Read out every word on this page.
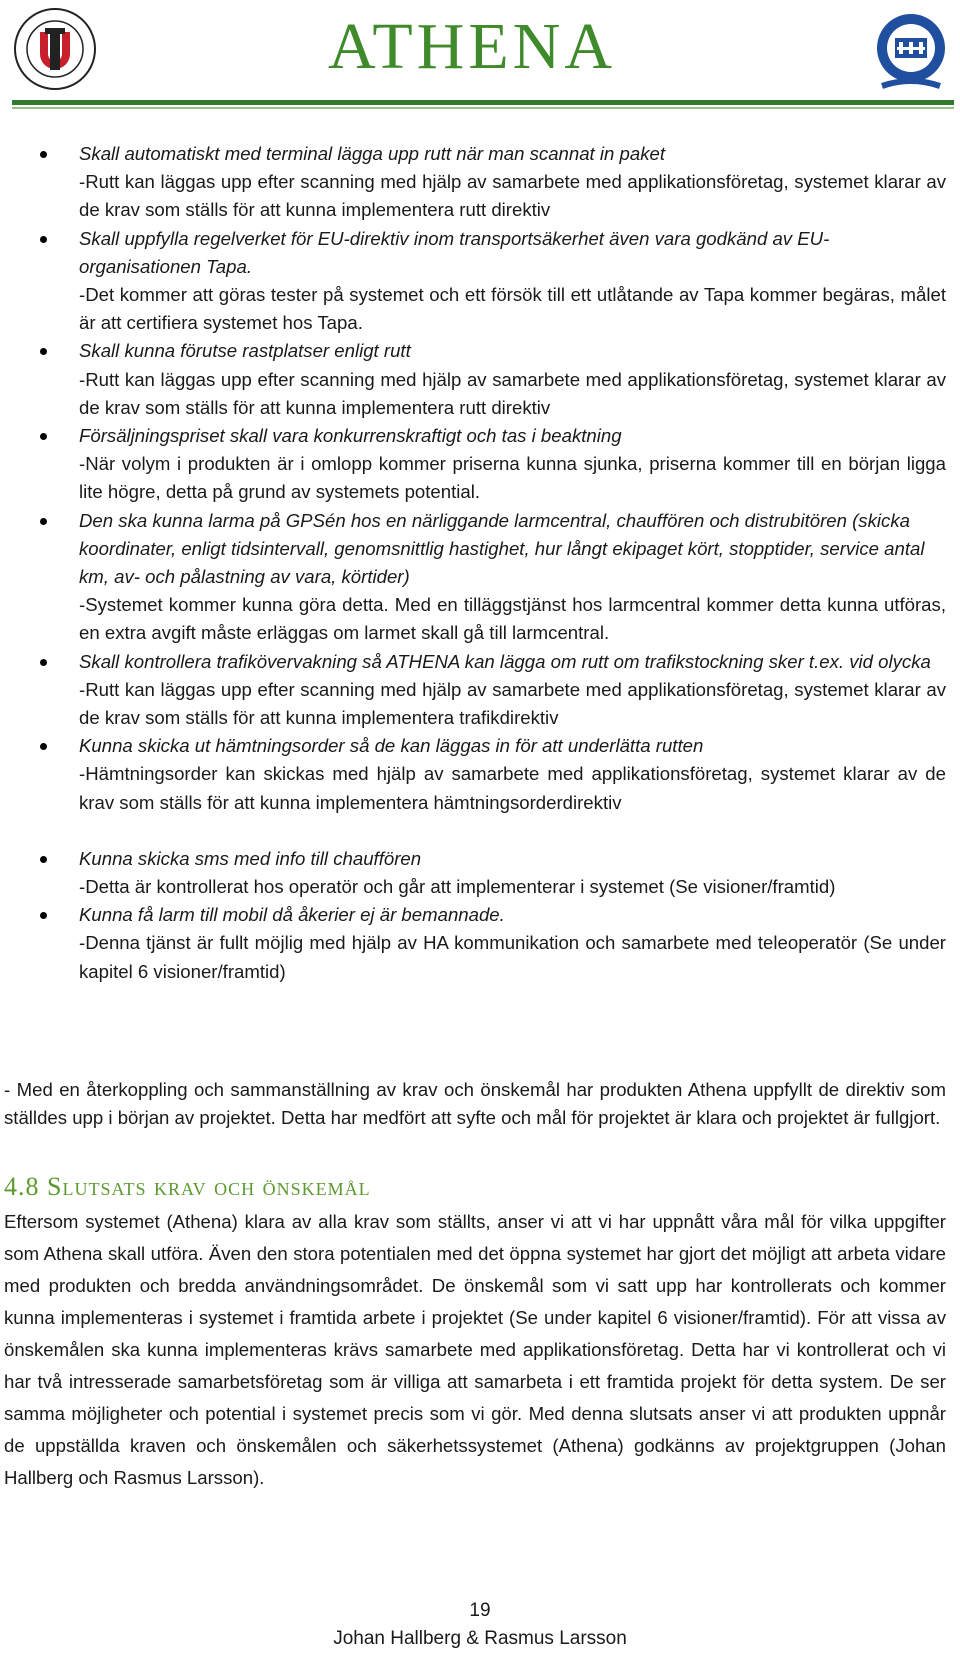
ATHENA
Skall automatiskt med terminal lägga upp rutt när man scannat in paket
-Rutt kan läggas upp efter scanning med hjälp av samarbete med applikationsföretag, systemet klarar av de krav som ställs för att kunna implementera rutt direktiv
Skall uppfylla regelverket för EU-direktiv inom transportsäkerhet även vara godkänd av EU-organisationen Tapa.
-Det kommer att göras tester på systemet och ett försök till ett utlåtande av Tapa kommer begäras, målet är att certifiera systemet hos Tapa.
Skall kunna förutse rastplatser enligt rutt
-Rutt kan läggas upp efter scanning med hjälp av samarbete med applikationsföretag, systemet klarar av de krav som ställs för att kunna implementera rutt direktiv
Försäljningspriset skall vara konkurrenskraftigt och tas i beaktning
-När volym i produkten är i omlopp kommer priserna kunna sjunka, priserna kommer till en början ligga lite högre, detta på grund av systemets potential.
Den ska kunna larma på GPSén hos en närliggande larmcentral, chauffören och distrubitören (skicka koordinater, enligt tidsintervall, genomsnittlig hastighet, hur långt ekipaget kört, stopptider, service antal km, av- och pålastning av vara, körtider)
-Systemet kommer kunna göra detta. Med en tilläggstjänst hos larmcentral kommer detta kunna utföras, en extra avgift måste erläggas om larmet skall gå till larmcentral.
Skall kontrollera trafikövervakning så ATHENA kan lägga om rutt om trafikstockning sker t.ex. vid olycka
-Rutt kan läggas upp efter scanning med hjälp av samarbete med applikationsföretag, systemet klarar av de krav som ställs för att kunna implementera trafikdirektiv
Kunna skicka ut hämtningsorder så de kan läggas in för att underlätta rutten
-Hämtningsorder kan skickas med hjälp av samarbete med applikationsföretag, systemet klarar av de krav som ställs för att kunna implementera hämtningsorderdirektiv
Kunna skicka sms med info till chauffören
-Detta är kontrollerat hos operatör och går att implementerar i systemet (Se visioner/framtid)
Kunna få larm till mobil då åkerier ej är bemannade.
-Denna tjänst är fullt möjlig med hjälp av HA kommunikation och samarbete med teleoperatör (Se under kapitel 6 visioner/framtid)

- Med en återkoppling och sammanställning av krav och önskemål har produkten Athena uppfyllt de direktiv som ställdes upp i början av projektet. Detta har medfört att syfte och mål för projektet är klara och projektet är fullgjort.

4.8 Slutsats krav och önskemål

Eftersom systemet (Athena) klara av alla krav som ställts, anser vi att vi har uppnått våra mål för vilka uppgifter som Athena skall utföra. Även den stora potentialen med det öppna systemet har gjort det möjligt att arbeta vidare med produkten och bredda användningsområdet. De önskemål som vi satt upp har kontrollerats och kommer kunna implementeras i systemet i framtida arbete i projektet (Se under kapitel 6 visioner/framtid). För att vissa av önskemålen ska kunna implementeras krävs samarbete med applikationsföretag. Detta har vi kontrollerat och vi har två intresserade samarbetsföretag som är villiga att samarbeta i ett framtida projekt för detta system. De ser samma möjligheter och potential i systemet precis som vi gör. Med denna slutsats anser vi att produkten uppnår de uppställda kraven och önskemålen och säkerhetssystemet (Athena) godkänns av projektgruppen (Johan Hallberg och Rasmus Larsson).

19
Johan Hallberg & Rasmus Larsson
